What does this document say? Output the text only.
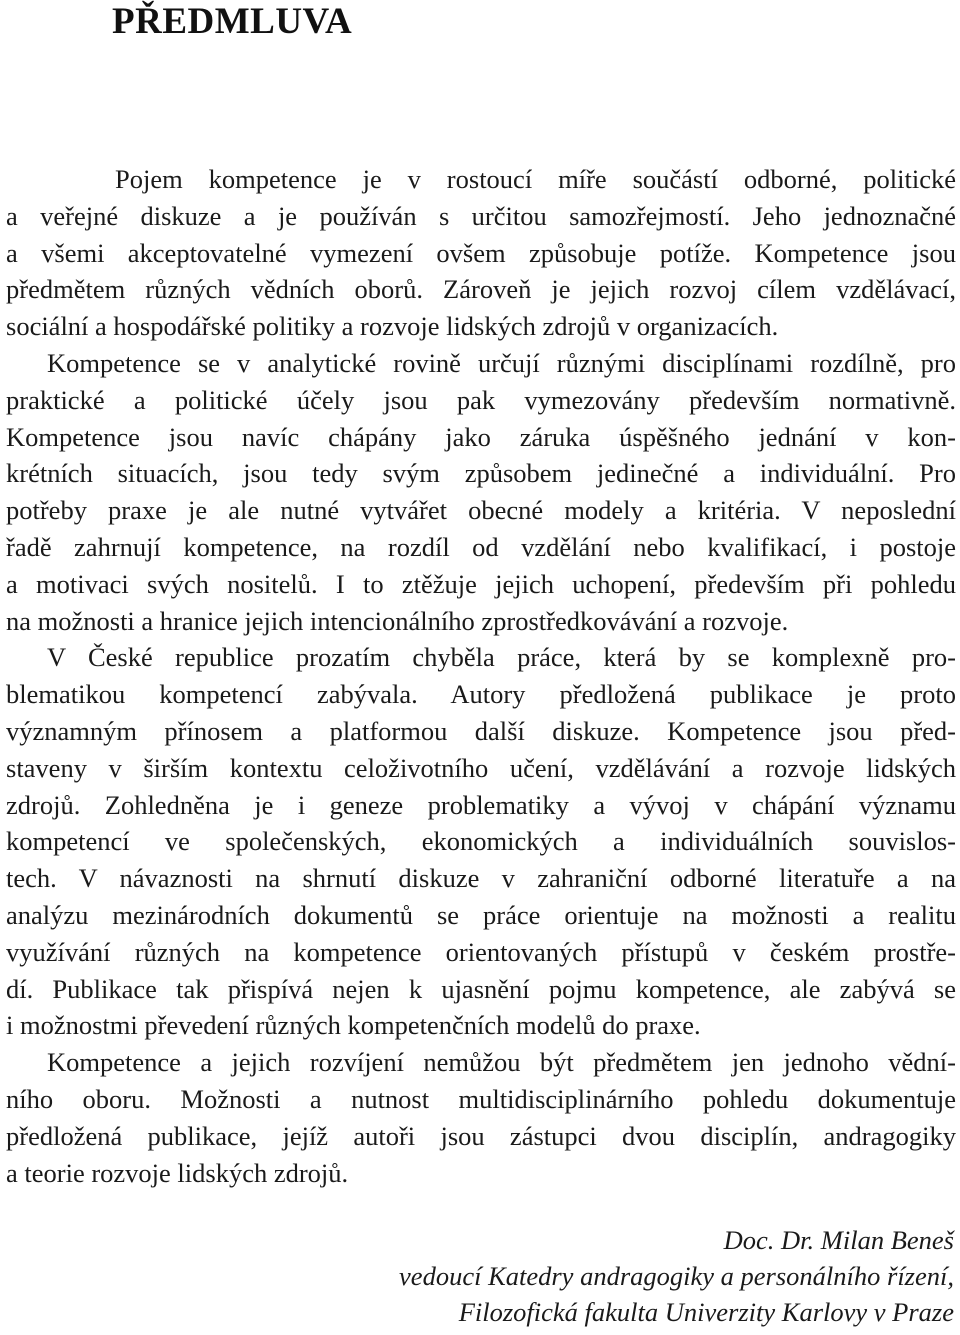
PŘEDMLUVA
Pojem kompetence je v rostoucí míře součástí odborné, politické
a veřejné diskuze a je používán s určitou samozřejmostí. Jeho jednoznačné
a všemi akceptovatelné vymezení ovšem způsobuje potíže. Kompetence jsou
předmětem různých vědních oborů. Zároveň je jejich rozvoj cílem vzdělávací,
sociální a hospodářské politiky a rozvoje lidských zdrojů v organizacích.
Kompetence se v analytické rovině určují různými disciplínami rozdílně, pro
praktické a politické účely jsou pak vymezovány především normativně.
Kompetence jsou navíc chápány jako záruka úspěšného jednání v kon-
krétních situacích, jsou tedy svým způsobem jedinečné a individuální. Pro
potřeby praxe je ale nutné vytvářet obecné modely a kritéria. V neposlední
řadě zahrnují kompetence, na rozdíl od vzdělání nebo kvalifikací, i postoje
a motivaci svých nositelů. I to ztěžuje jejich uchopení, především při pohledu
na možnosti a hranice jejich intencionálního zprostředkovávání a rozvoje.
V České republice prozatím chyběla práce, která by se komplexně pro-
blematikou kompetencí zabývala. Autory předložená publikace je proto
významným přínosem a platformou další diskuze. Kompetence jsou před-
staveny v širším kontextu celoživotního učení, vzdělávání a rozvoje lidských
zdrojů. Zohledněna je i geneze problematiky a vývoj v chápání významu
kompetencí ve společenských, ekonomických a individuálních souvislos-
tech. V návaznosti na shrnutí diskuze v zahraniční odborné literatuře a na
analýzu mezinárodních dokumentů se práce orientuje na možnosti a realitu
využívání různých na kompetence orientovaných přístupů v českém prostře-
dí. Publikace tak přispívá nejen k ujasnění pojmu kompetence, ale zabývá se
i možnostmi převedení různých kompetenčních modelů do praxe.
Kompetence a jejich rozvíjení nemůžou být předmětem jen jednoho vědní-
ního oboru. Možnosti a nutnost multidisciplinárního pohledu dokumentuje
předložená publikace, jejíž autoři jsou zástupci dvou disciplín, andragogiky
a teorie rozvoje lidských zdrojů.
Doc. Dr. Milan Beneš
vedoucí Katedry andragogiky a personálního řízení,
Filozofická fakulta Univerzity Karlovy v Praze
